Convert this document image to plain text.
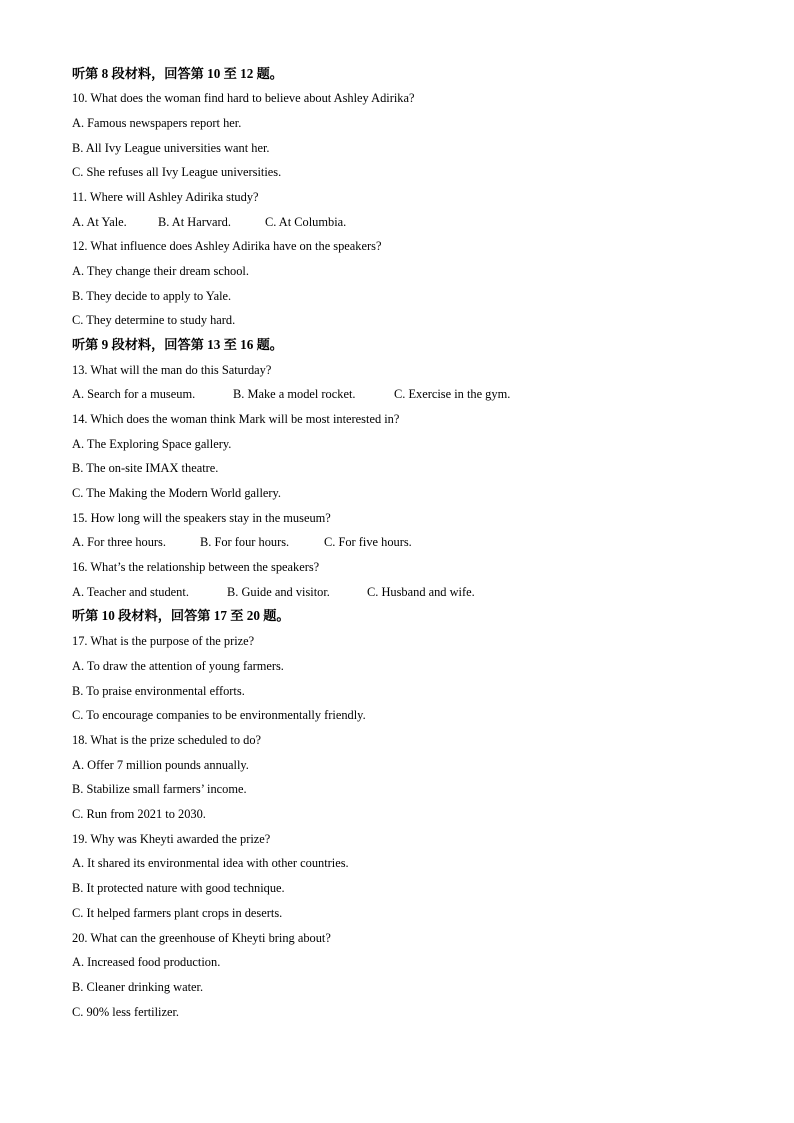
听第 8 段材料，回答第 10 至 12 题。
10. What does the woman find hard to believe about Ashley Adirika?
A. Famous newspapers report her.
B. All Ivy League universities want her.
C. She refuses all Ivy League universities.
11. Where will Ashley Adirika study?
A. At Yale.	B. At Harvard.	C. At Columbia.
12. What influence does Ashley Adirika have on the speakers?
A. They change their dream school.
B. They decide to apply to Yale.
C. They determine to study hard.
听第 9 段材料，回答第 13 至 16 题。
13. What will the man do this Saturday?
A. Search for a museum.	B. Make a model rocket.	C. Exercise in the gym.
14. Which does the woman think Mark will be most interested in?
A. The Exploring Space gallery.
B. The on-site IMAX theatre.
C. The Making the Modern World gallery.
15. How long will the speakers stay in the museum?
A. For three hours.	B. For four hours.	C. For five hours.
16. What’s the relationship between the speakers?
A. Teacher and student.	B. Guide and visitor.	C. Husband and wife.
听第 10 段材料，回答第 17 至 20 题。
17. What is the purpose of the prize?
A. To draw the attention of young farmers.
B. To praise environmental efforts.
C. To encourage companies to be environmentally friendly.
18. What is the prize scheduled to do?
A. Offer 7 million pounds annually.
B. Stabilize small farmers’ income.
C. Run from 2021 to 2030.
19. Why was Kheyti awarded the prize?
A. It shared its environmental idea with other countries.
B. It protected nature with good technique.
C. It helped farmers plant crops in deserts.
20. What can the greenhouse of Kheyti bring about?
A. Increased food production.
B. Cleaner drinking water.
C. 90% less fertilizer.
